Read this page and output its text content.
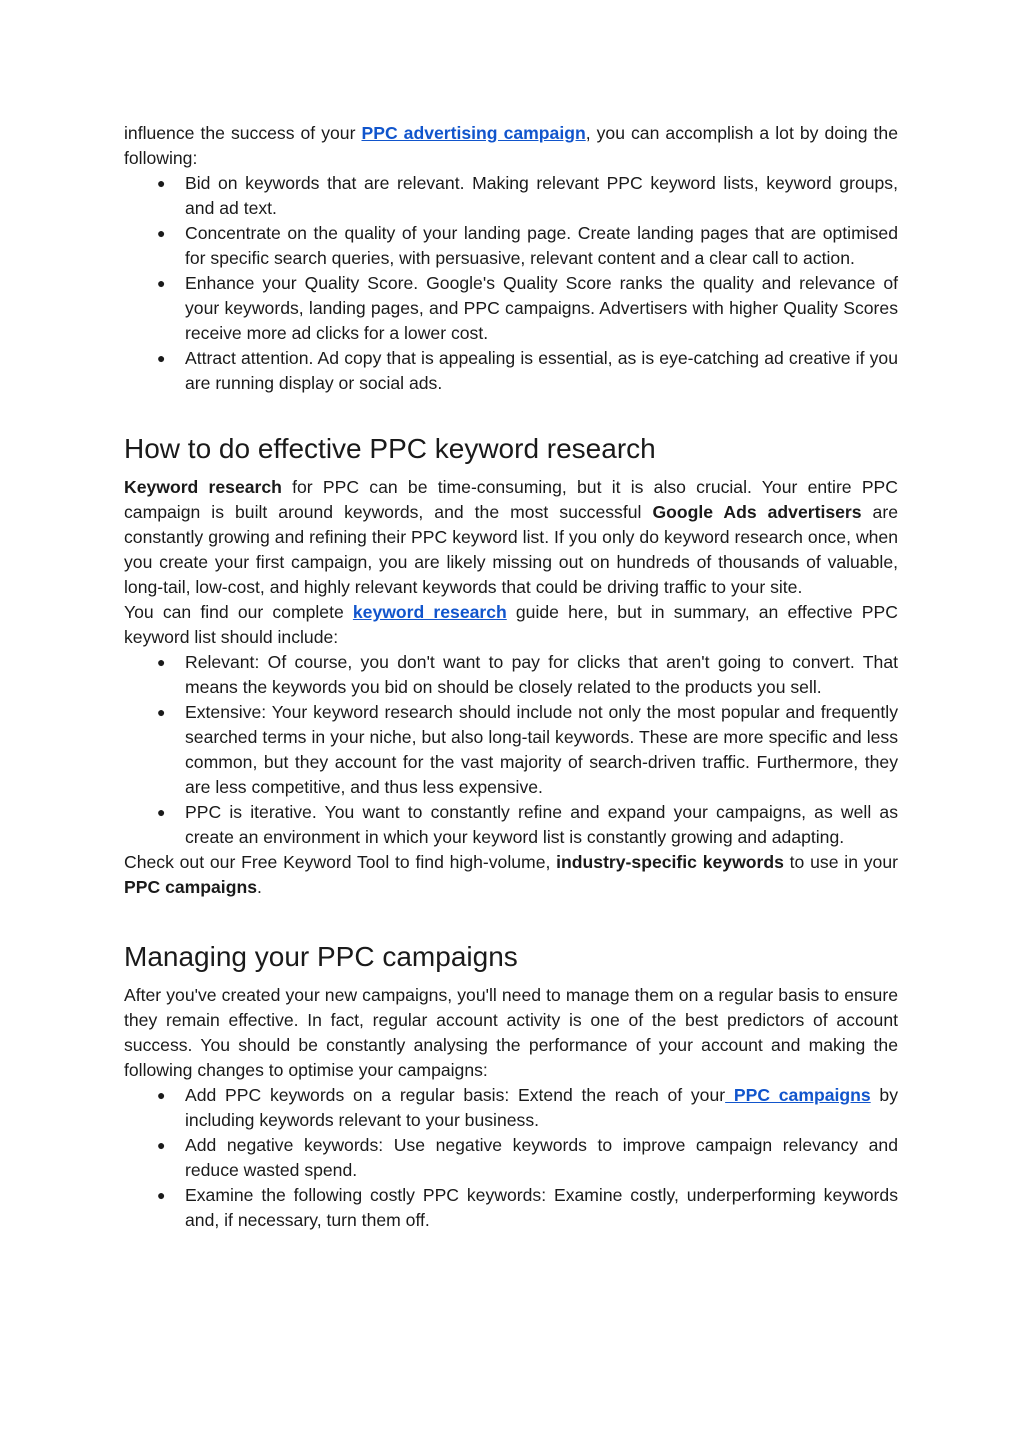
influence the success of your PPC advertising campaign, you can accomplish a lot by doing the following:

● Bid on keywords that are relevant. Making relevant PPC keyword lists, keyword groups, and ad text.
● Concentrate on the quality of your landing page. Create landing pages that are optimised for specific search queries, with persuasive, relevant content and a clear call to action.
● Enhance your Quality Score. Google's Quality Score ranks the quality and relevance of your keywords, landing pages, and PPC campaigns. Advertisers with higher Quality Scores receive more ad clicks for a lower cost.
● Attract attention. Ad copy that is appealing is essential, as is eye-catching ad creative if you are running display or social ads.
How to do effective PPC keyword research

Keyword research for PPC can be time-consuming, but it is also crucial. Your entire PPC campaign is built around keywords, and the most successful Google Ads advertisers are constantly growing and refining their PPC keyword list. If you only do keyword research once, when you create your first campaign, you are likely missing out on hundreds of thousands of valuable, long-tail, low-cost, and highly relevant keywords that could be driving traffic to your site.

You can find our complete keyword research guide here, but in summary, an effective PPC keyword list should include:

● Relevant: Of course, you don't want to pay for clicks that aren't going to convert. That means the keywords you bid on should be closely related to the products you sell.
● Extensive: Your keyword research should include not only the most popular and frequently searched terms in your niche, but also long-tail keywords. These are more specific and less common, but they account for the vast majority of search-driven traffic. Furthermore, they are less competitive, and thus less expensive.
● PPC is iterative. You want to constantly refine and expand your campaigns, as well as create an environment in which your keyword list is constantly growing and adapting.

Check out our Free Keyword Tool to find high-volume, industry-specific keywords to use in your PPC campaigns.

Managing your PPC campaigns

After you've created your new campaigns, you'll need to manage them on a regular basis to ensure they remain effective. In fact, regular account activity is one of the best predictors of account success. You should be constantly analysing the performance of your account and making the following changes to optimise your campaigns:

● Add PPC keywords on a regular basis: Extend the reach of your PPC campaigns by including keywords relevant to your business.
● Add negative keywords: Use negative keywords to improve campaign relevancy and reduce wasted spend.
● Examine the following costly PPC keywords: Examine costly, underperforming keywords and, if necessary, turn them off.
